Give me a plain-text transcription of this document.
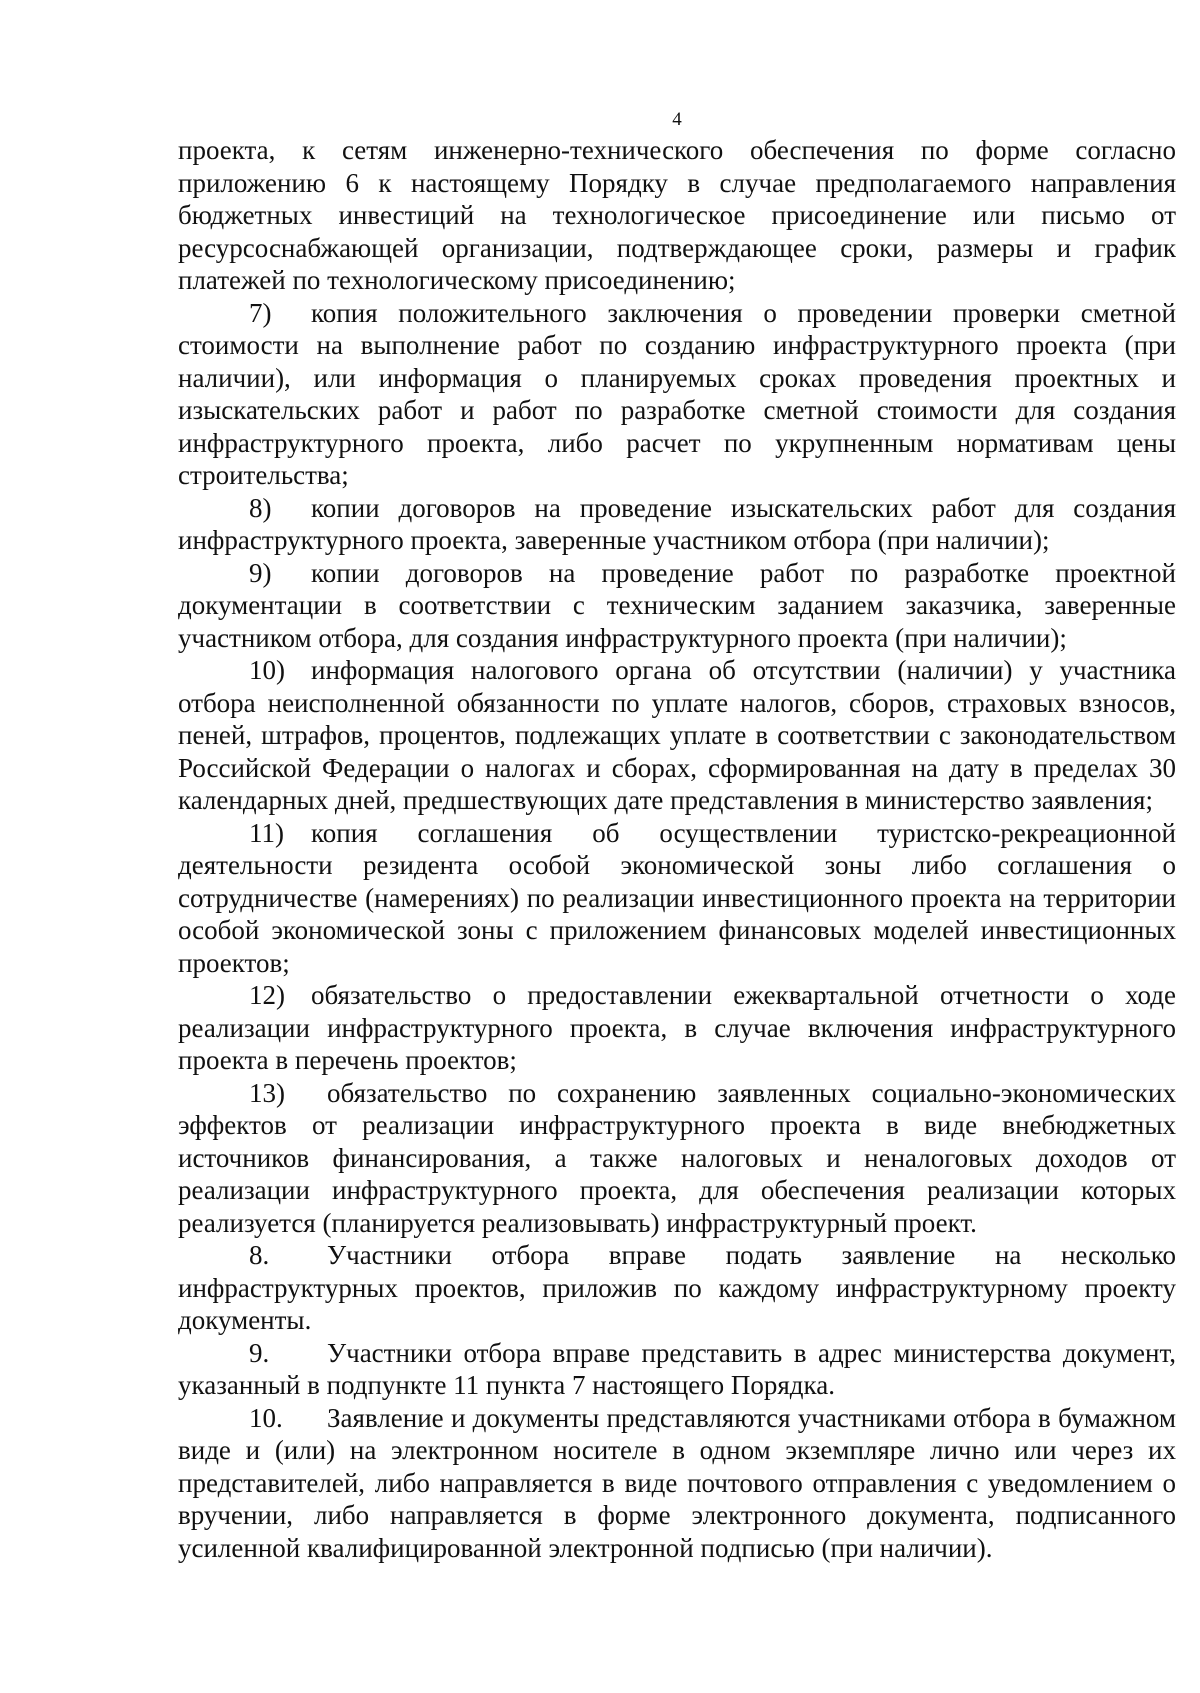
4

проекта, к сетям инженерно-технического обеспечения по форме согласно приложению 6 к настоящему Порядку в случае предполагаемого направления бюджетных инвестиций на технологическое присоединение или письмо от ресурсоснабжающей организации, подтверждающее сроки, размеры и график платежей по технологическому присоединению;

7) копия положительного заключения о проведении проверки сметной стоимости на выполнение работ по созданию инфраструктурного проекта (при наличии), или информация о планируемых сроках проведения проектных и изыскательских работ и работ по разработке сметной стоимости для создания инфраструктурного проекта, либо расчет по укрупненным нормативам цены строительства;

8) копии договоров на проведение изыскательских работ для создания инфраструктурного проекта, заверенные участником отбора (при наличии);

9) копии договоров на проведение работ по разработке проектной документации в соответствии с техническим заданием заказчика, заверенные участником отбора, для создания инфраструктурного проекта (при наличии);

10) информация налогового органа об отсутствии (наличии) у участника отбора неисполненной обязанности по уплате налогов, сборов, страховых взносов, пеней, штрафов, процентов, подлежащих уплате в соответствии с законодательством Российской Федерации о налогах и сборах, сформированная на дату в пределах 30 календарных дней, предшествующих дате представления в министерство заявления;

11) копия соглашения об осуществлении туристско-рекреационной деятельности резидента особой экономической зоны либо соглашения о сотрудничестве (намерениях) по реализации инвестиционного проекта на территории особой экономической зоны с приложением финансовых моделей инвестиционных проектов;

12) обязательство о предоставлении ежеквартальной отчетности о ходе реализации инфраструктурного проекта, в случае включения инфраструктурного проекта в перечень проектов;

13) обязательство по сохранению заявленных социально-экономических эффектов от реализации инфраструктурного проекта в виде внебюджетных источников финансирования, а также налоговых и неналоговых доходов от реализации инфраструктурного проекта, для обеспечения реализации которых реализуется (планируется реализовывать) инфраструктурный проект.

8. Участники отбора вправе подать заявление на несколько инфраструктурных проектов, приложив по каждому инфраструктурному проекту документы.

9. Участники отбора вправе представить в адрес министерства документ, указанный в подпункте 11 пункта 7 настоящего Порядка.

10. Заявление и документы представляются участниками отбора в бумажном виде и (или) на электронном носителе в одном экземпляре лично или через их представителей, либо направляется в виде почтового отправления с уведомлением о вручении, либо направляется в форме электронного документа, подписанного усиленной квалифицированной электронной подписью (при наличии).
